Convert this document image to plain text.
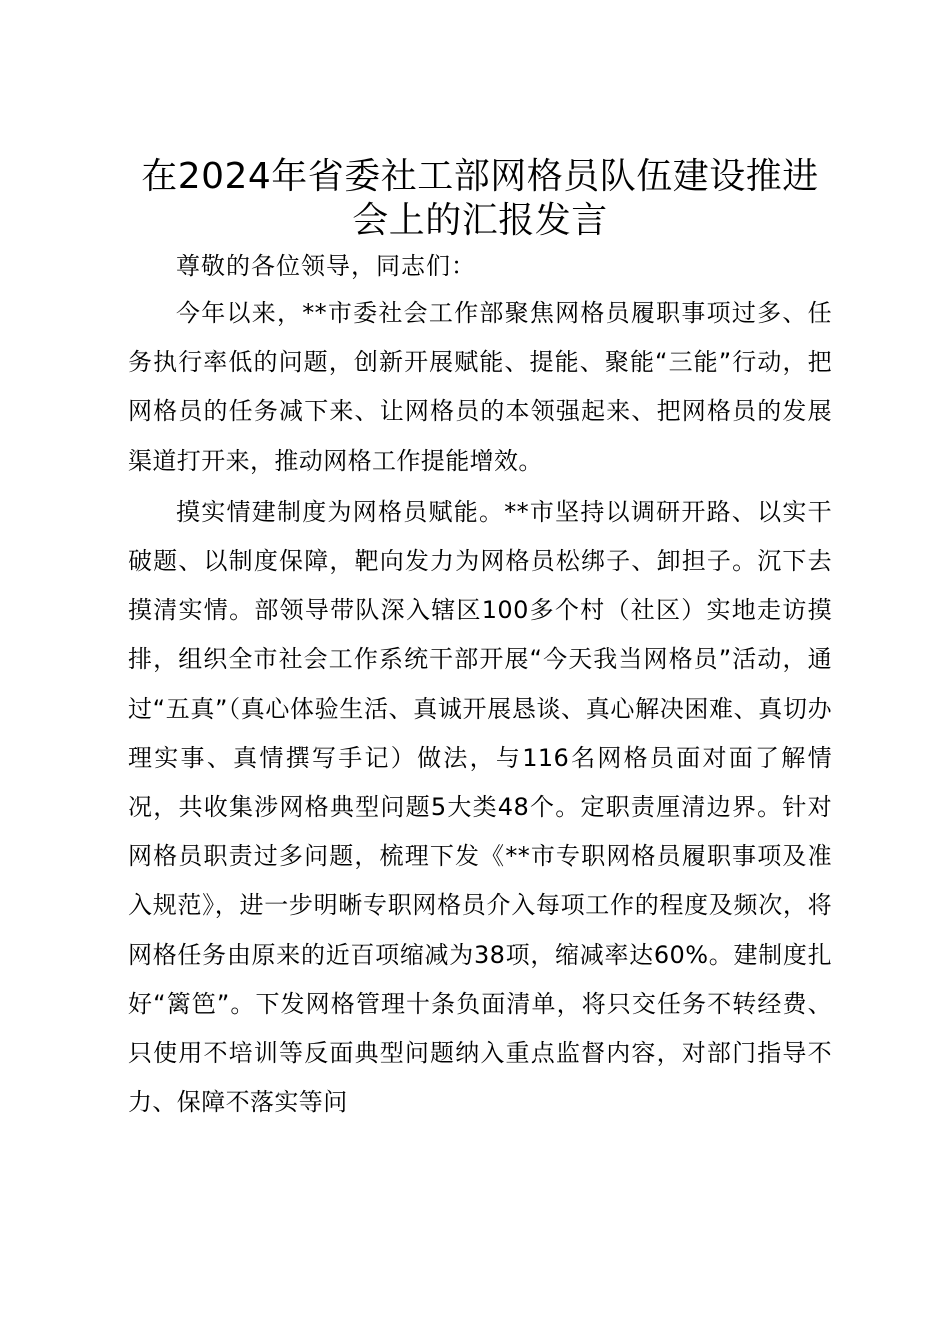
在2024年省委社工部网格员队伍建设推进会上的汇报发言

尊敬的各位领导，同志们：

今年以来，**市委社会工作部聚焦网格员履职事项过多、任务执行率低的问题，创新开展赋能、提能、聚能“三能”行动，把网格员的任务减下来、让网格员的本领强起来、把网格员的发展渠道打开来，推动网格工作提能增效。

摸实情建制度为网格员赋能。**市坚持以调研开路、以实干破题、以制度保障，靶向发力为网格员松绑子、卸担子。沉下去摸清实情。部领导带队深入辖区100多个村（社区）实地走访摸排，组织全市社会工作系统干部开展“今天我当网格员”活动，通过“五真”（真心体验生活、真诚开展恳谈、真心解决困难、真切办理实事、真情撰写手记）做法，与116名网格员面对面了解情况，共收集涉网格典型问题5大类48个。定职责厘清边界。针对网格员职责过多问题，梳理下发《**市专职网格员履职事项及准入规范》，进一步明晰专职网格员介入每项工作的程度及频次，将网格任务由原来的近百项缩减为38项，缩减率达60%。建制度扎好“篱笆”。下发网格管理十条负面清单，将只交任务不转经费、只使用不培训等反面典型问题纳入重点监督内容，对部门指导不力、保障不落实等问
